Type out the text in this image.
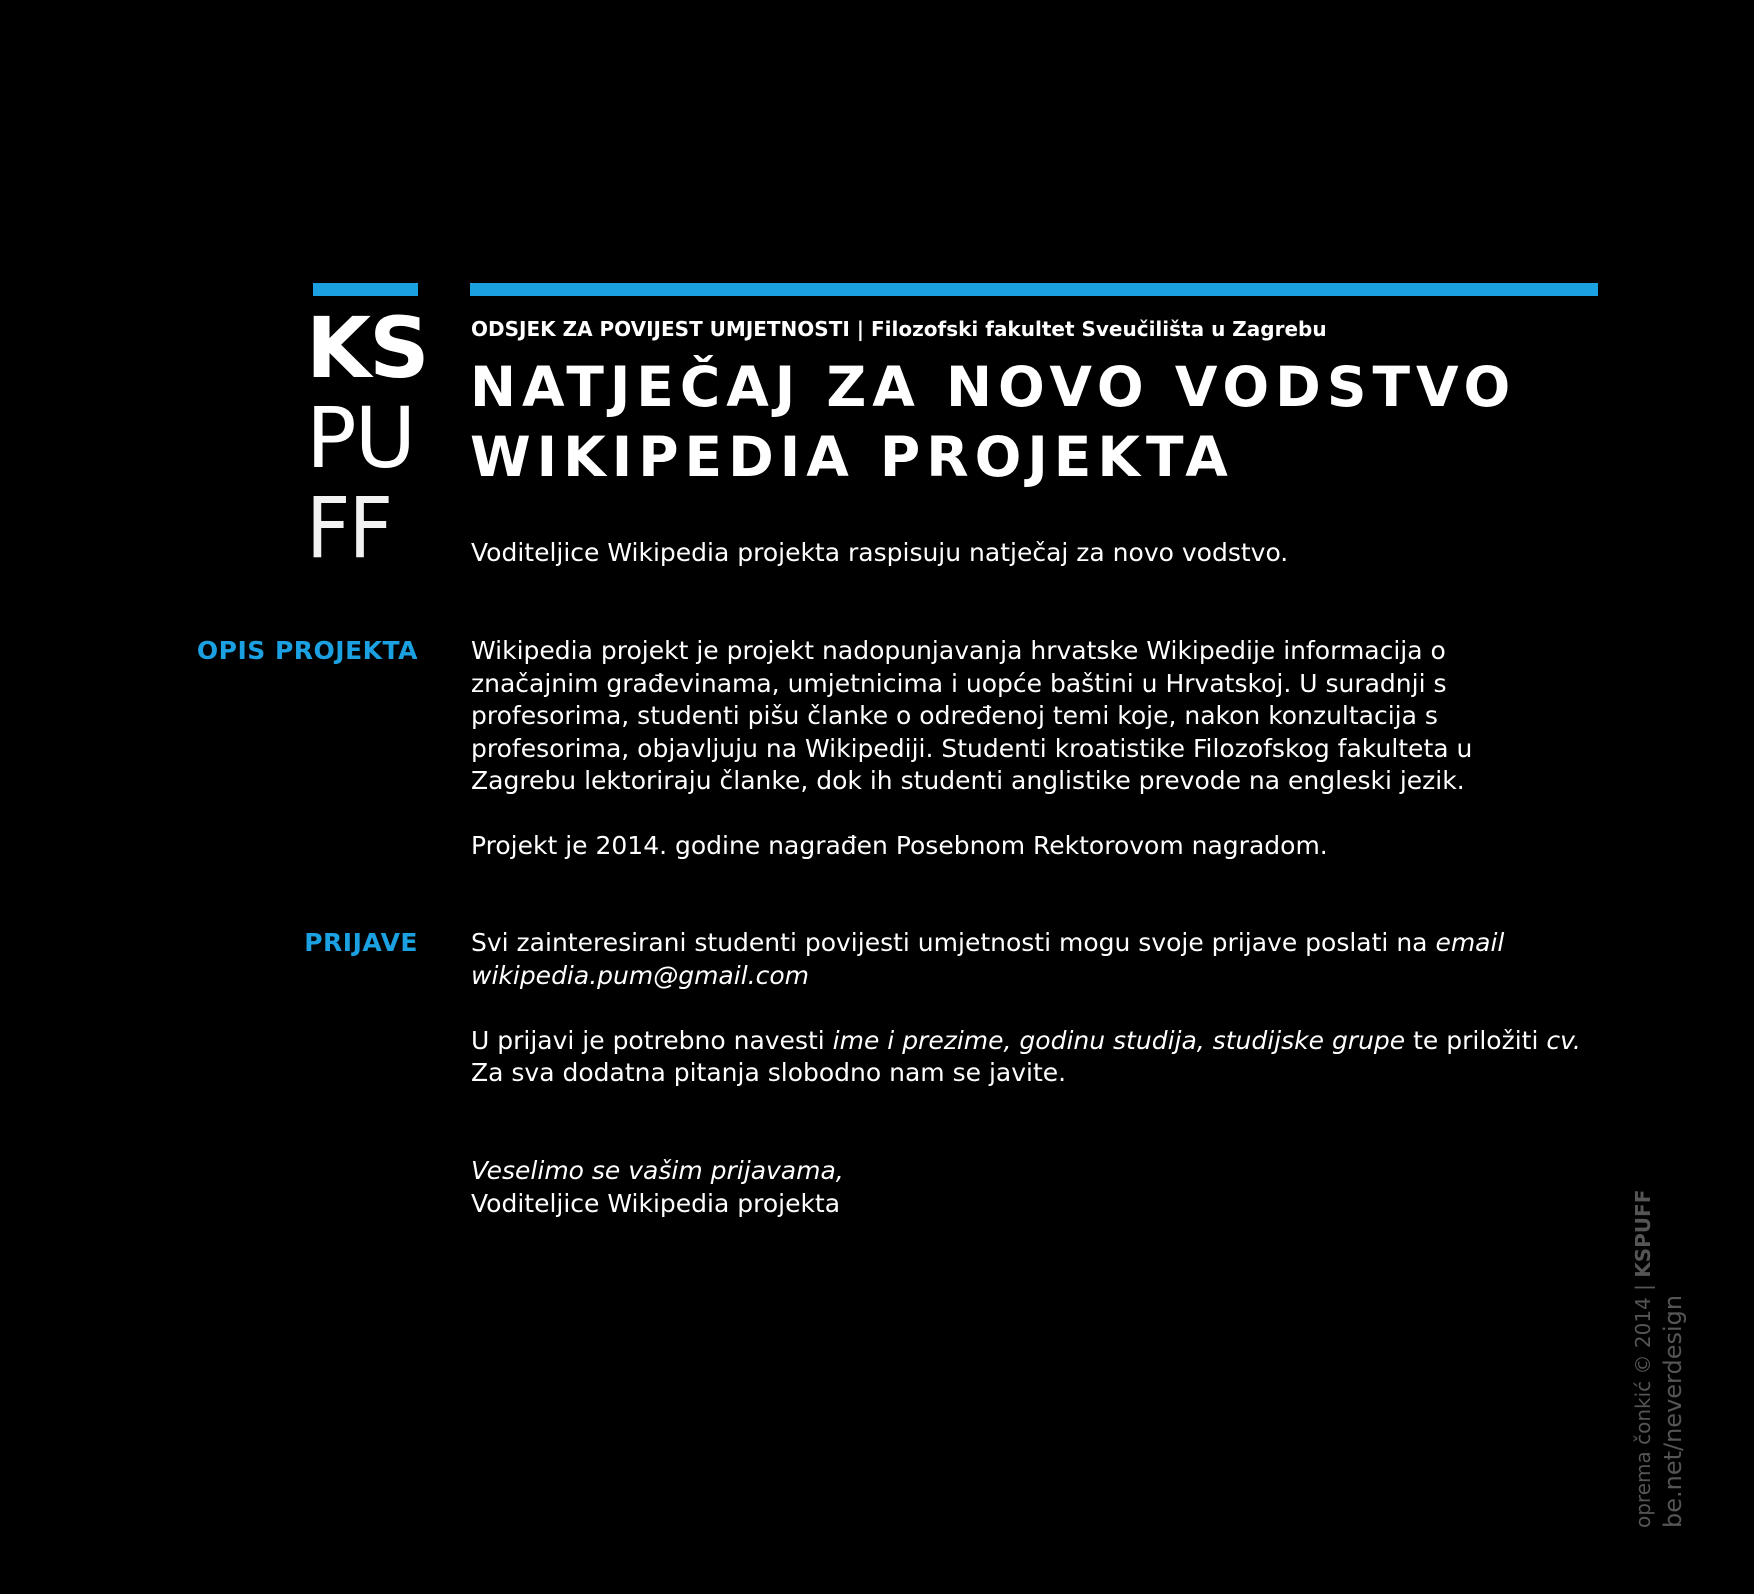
KS
PU
FF
ODSJEK ZA POVIJEST UMJETNOSTI | Filozofski fakultet Sveučilišta u Zagrebu
NATJEČAJ ZA NOVO VODSTVO
WIKIPEDIA PROJEKTA
Voditeljice Wikipedia projekta raspisuju natječaj za novo vodstvo.
OPIS PROJEKTA Wikipedia projekt je projekt nadopunjavanja hrvatske Wikipedije informacija o

značajnim građevinama, umjetnicima i uopće baštini u Hrvatskoj. U suradnji s

profesorima, studenti pišu članke o određenoj temi koje, nakon konzultacija s

profesorima, objavljuju na Wikipediji. Studenti kroatistike Filozofskog fakulteta u

Zagrebu lektoriraju članke, dok ih studenti anglistike prevode na engleski jezik.

Projekt je 2014. godine nagrađen Posebnom Rektorovom nagradom.

PRIJAVE Svi zainteresirani studenti povijesti umjetnosti mogu svoje prijave poslati na email

wikipedia.pum@gmail.com

U prijavi je potrebno navesti ime i prezime, godinu studija, studijske grupe te priložiti cv.

Za sva dodatna pitanja slobodno nam se javite.

Veselimo se vašim prijavama,

Voditeljice Wikipedia projekta

oprema čonkić © 2014 | KSPUFF
be.net/neverdesign
